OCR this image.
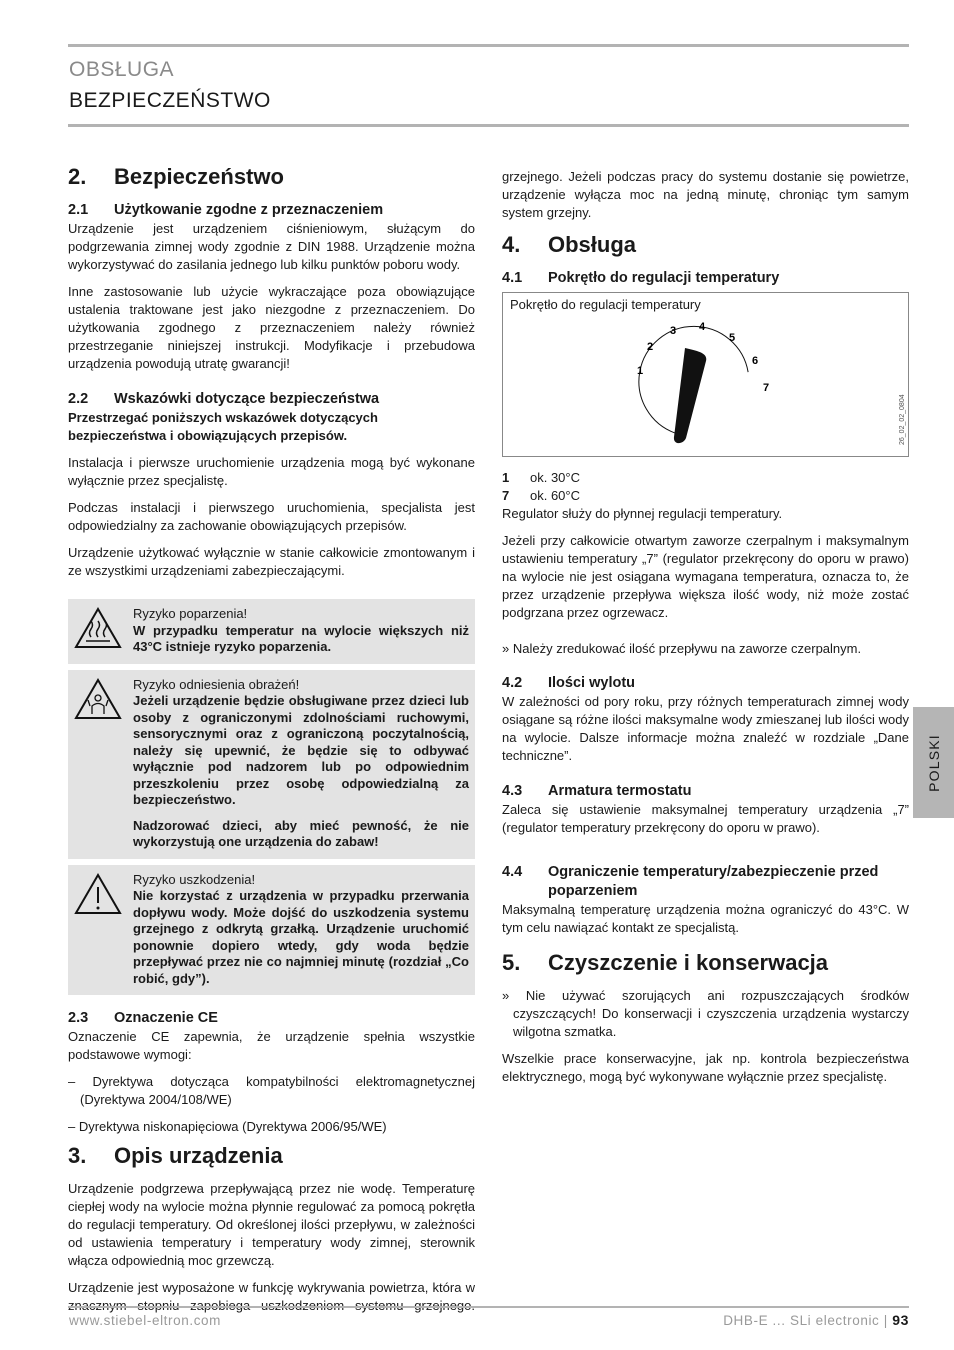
OBSŁUGA
BEZPIECZEŃSTWO
2.	Bezpieczeństwo
2.1	Użytkowanie zgodne z przeznaczeniem

Urządzenie jest urządzeniem ciśnieniowym, służącym do podgrzewania zimnej wody zgodnie z DIN 1988. Urządzenie można wykorzystywać do zasilania jednego lub kilku punktów poboru wody.

Inne zastosowanie lub użycie wykraczające poza obowiązujące ustalenia traktowane jest jako niezgodne z przeznaczeniem. Do użytkowania zgodnego z przeznaczeniem należy również przestrzeganie niniejszej instrukcji. Modyfikacje i przebudowa urządzenia powodują utratę gwarancji!

2.2	Wskazówki dotyczące bezpieczeństwa

Przestrzegać poniższych wskazówek dotyczących bezpieczeństwa i obowiązujących przepisów.

Instalacja i pierwsze uruchomienie urządzenia mogą być wykonane wyłącznie przez specjalistę.

Podczas instalacji i pierwszego uruchomienia, specjalista jest odpowiedzialny za zachowanie obowiązujących przepisów.

Urządzenie użytkować wyłącznie w stanie całkowicie zmontowanym i ze wszystkimi urządzeniami zabezpieczającymi.

Ryzyko poparzenia!

W przypadku temperatur na wylocie większych niż 43°C istnieje ryzyko poparzenia.

Ryzyko odniesienia obrażeń!

Jeżeli urządzenie będzie obsługiwane przez dzieci lub osoby z ograniczonymi zdolnościami ruchowymi, sensorycznymi oraz z ograniczoną poczytalnością, należy się upewnić, że będzie się to odbywać wyłącznie pod nadzorem lub po odpowiednim przeszkoleniu przez osobę odpowiedzialną za bezpieczeństwo.

Nadzorować dzieci, aby mieć pewność, że nie wykorzystują one urządzenia do zabaw!

Ryzyko uszkodzenia!

Nie korzystać z urządzenia w przypadku przerwania dopływu wody. Może dojść do uszkodzenia systemu grzejnego z odkrytą grzałką. Urządzenie uruchomić ponownie dopiero wtedy, gdy woda będzie przepływać przez nie co najmniej minutę (rozdział „Co robić, gdy”).

2.3	Oznaczenie CE

Oznaczenie CE zapewnia, że urządzenie spełnia wszystkie podstawowe wymogi:

– Dyrektywa dotycząca kompatybilności elektromagnetycznej (Dyrektywa 2004/108/WE)

– Dyrektywa niskonapięciowa (Dyrektywa 2006/95/WE)

3.	Opis urządzenia

Urządzenie podgrzewa przepływającą przez nie wodę. Temperaturę ciepłej wody na wylocie można płynnie regulować za pomocą pokrętła do regulacji temperatury. Od określonej ilości przepływu, w zależności od ustawienia temperatury i temperatury wody zimnej, sterownik włącza odpowiednią moc grzewczą.

Urządzenie jest wyposażone w funkcję wykrywania powietrza, która w

grzejnego. Jeżeli podczas pracy do systemu dostanie się powietrze, urządzenie wyłącza moc na jedną minutę, chroniąc tym samym system grzejny.

4.	Obsługa
4.1	Pokrętło do regulacji temperatury
Pokrętło do regulacji temperatury
1
2
3 4
5
6
7
26_02_02_0804
1	ok. 30°C
7	ok. 60°C

Regulator służy do płynnej regulacji temperatury.

Jeżeli przy całkowicie otwartym zaworze czerpalnym i maksymalnym ustawieniu temperatury „7” (regulator przekręcony do oporu w prawo) na wylocie nie jest osiągana wymagana temperatura, oznacza to, że przez urządzenie przepływa większa ilość wody, niż może zostać podgrzana przez ogrzewacz.

» Należy zredukować ilość przepływu na zaworze czerpalnym.

4.2	Ilości wylotu

W zależności od pory roku, przy różnych temperaturach zimnej wody osiągane są różne ilości maksymalne wody zmieszanej lub ilości wody na wylocie. Dalsze informacje można znaleźć w rozdziale „Dane techniczne”.

4.3	Armatura termostatu

Zaleca się ustawienie maksymalnej temperatury urządzenia „7” (regulator temperatury przekręcony do oporu w prawo).

4.4	Ograniczenie temperatury/zabezpieczenie przed poparzeniem

Maksymalną temperaturę urządzenia można ograniczyć do 43°C. W tym celu nawiązać kontakt ze specjalistą.

5.	Czyszczenie i konserwacja

» Nie używać szorujących ani rozpuszczających środków czyszczących! Do konserwacji i czyszczenia urządzenia wystarczy wilgotna szmatka.

Wszelkie prace konserwacyjne, jak np. kontrola bezpieczeństwa elektrycznego, mogą być wykonywane wyłącznie przez specjalistę.

POLSKI
www.stiebel-eltron.com	DHB-E ... SLi electronic | 93
